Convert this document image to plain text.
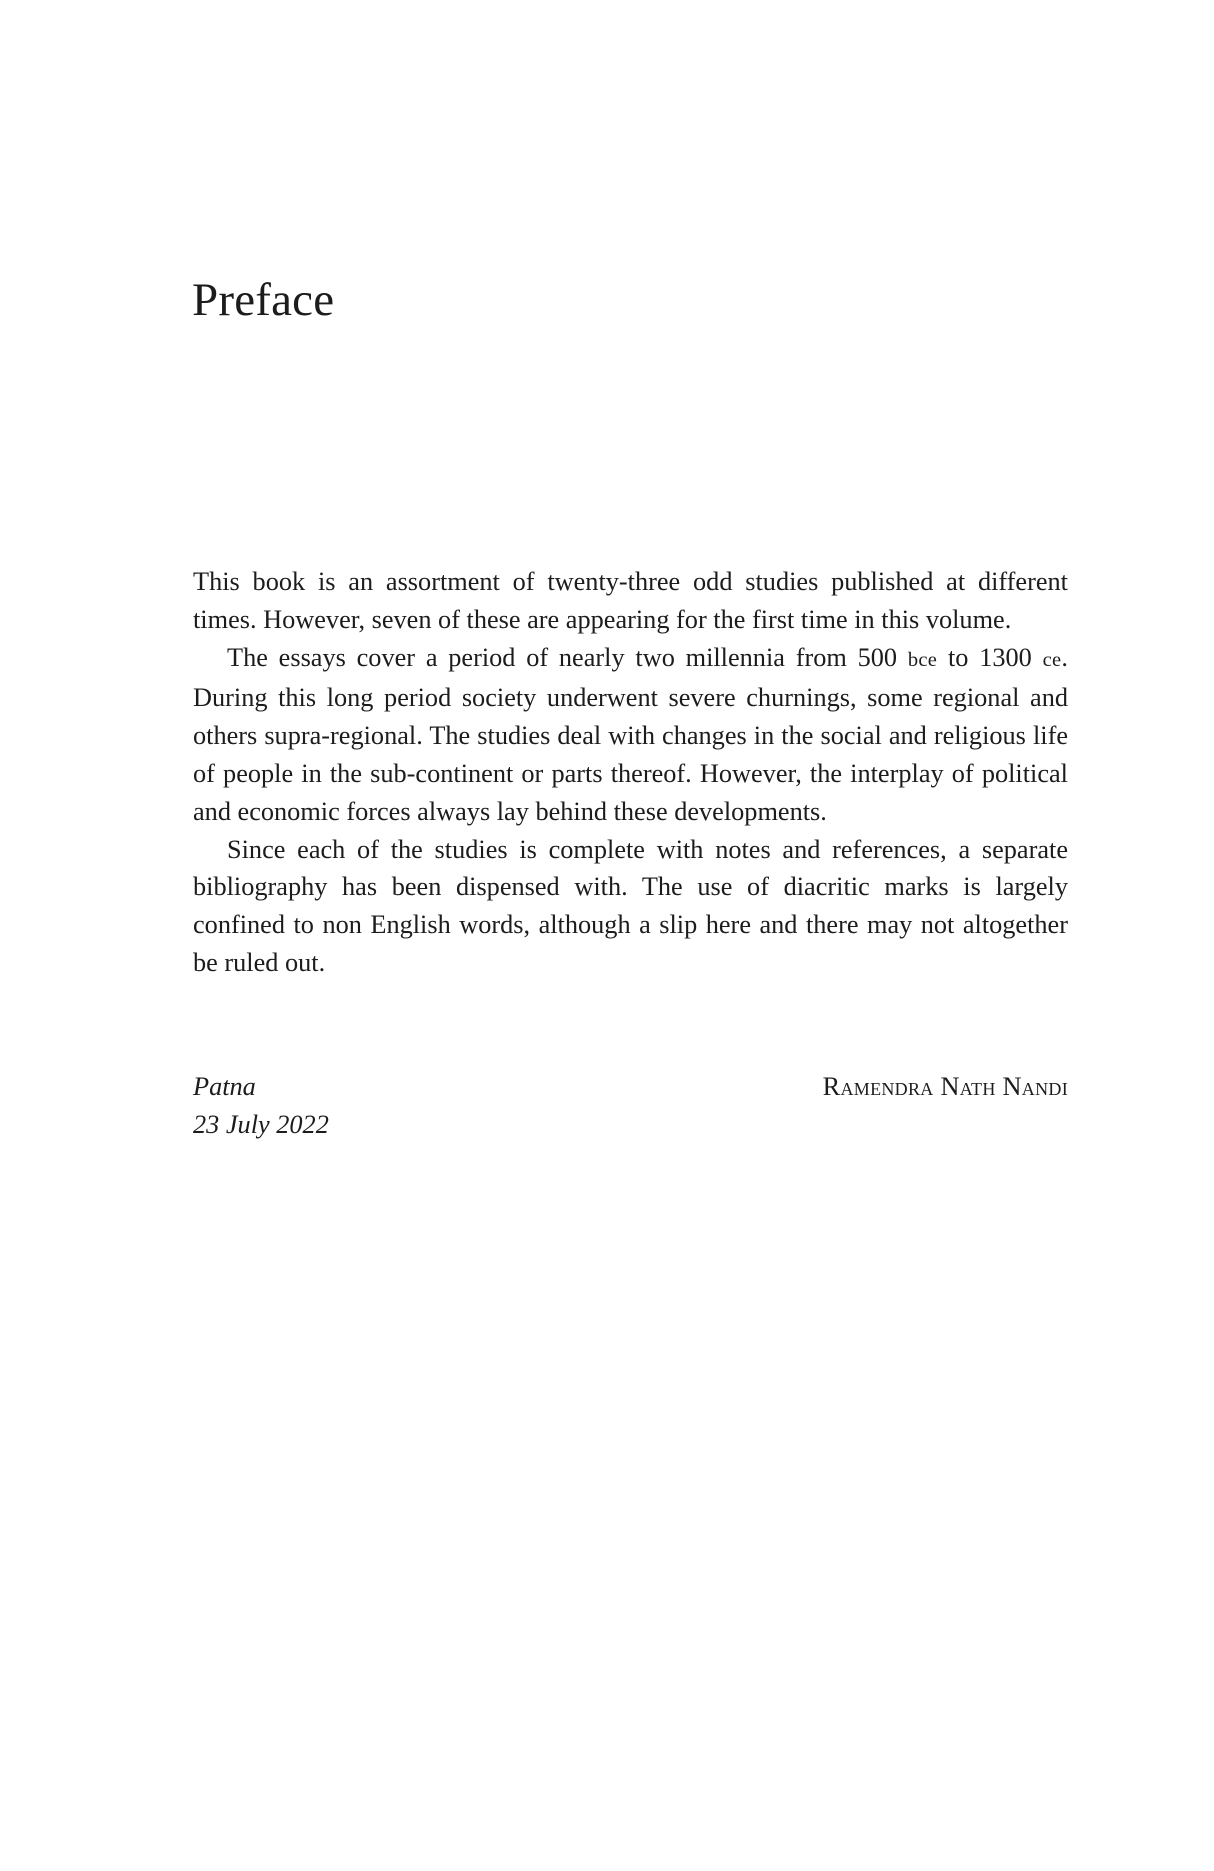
Preface

This book is an assortment of twenty-three odd studies published at different times. However, seven of these are appearing for the first time in this volume.

The essays cover a period of nearly two millennia from 500 bce to 1300 ce. During this long period society underwent severe churnings, some regional and others supra-regional. The studies deal with changes in the social and religious life of people in the sub-continent or parts thereof. However, the interplay of political and economic forces always lay behind these developments.

Since each of the studies is complete with notes and references, a separate bibliography has been dispensed with. The use of diacritic marks is largely confined to non English words, although a slip here and there may not altogether be ruled out.

Patna
23 July 2022
Ramendra Nath Nandi
